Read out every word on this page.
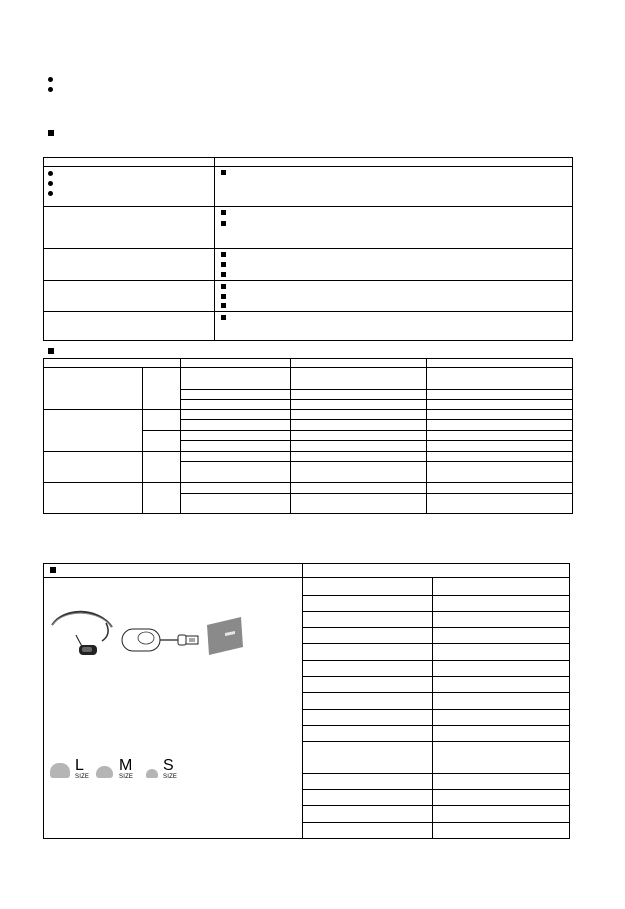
L
SIZE
M
SIZE
S
SIZE
